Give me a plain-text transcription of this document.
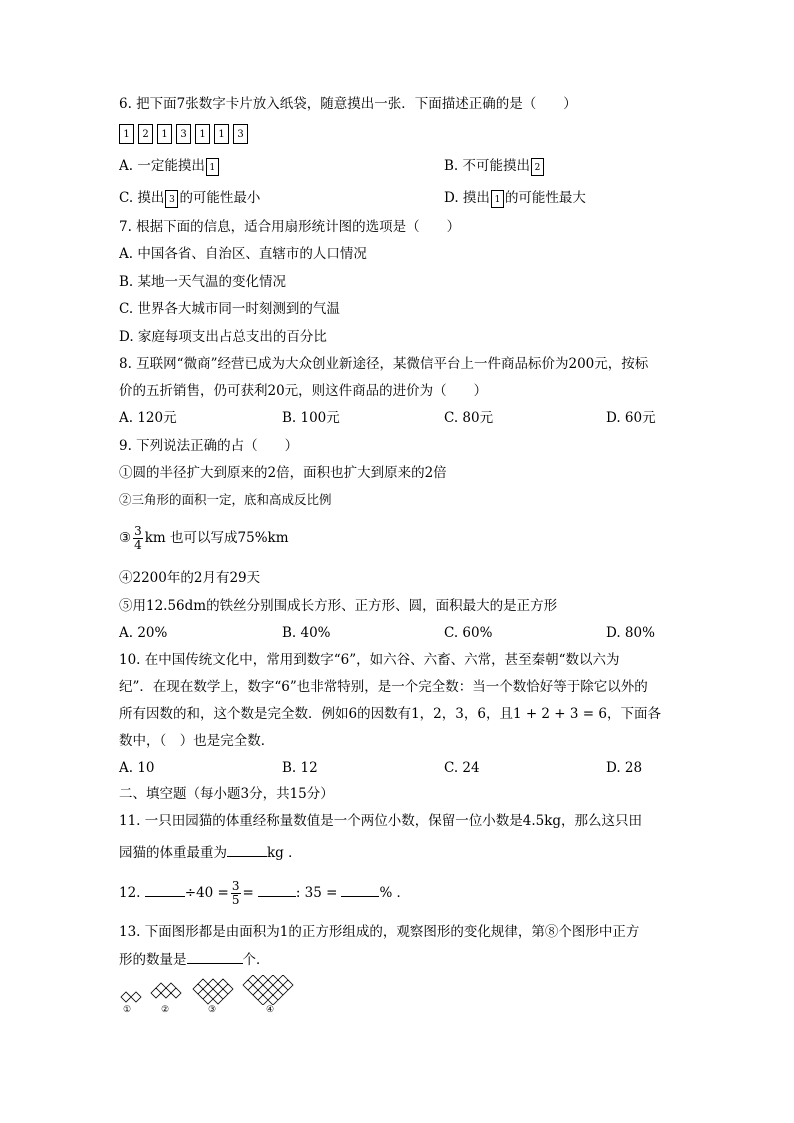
6. 把下面7张数字卡片放入纸袋，随意摸出一张．下面描述正确的是（　　）
1	2	1	3	1	1	3
A. 一定能摸出 1	B. 不可能摸出 2
C. 摸出 3 的可能性最小	D. 摸出 1 的可能性最大
7. 根据下面的信息，适合用扇形统计图的选项是（　　）
A. 中国各省、自治区、直辖市的人口情况
B. 某地一天气温的变化情况
C. 世界各大城市同一时刻测到的气温
D. 家庭每项支出占总支出的百分比
8. 互联网“微商”经营已成为大众创业新途径，某微信平台上一件商品标价为200元，按标
价的五折销售，仍可获利20元，则这件商品的进价为（　　）
A. 120元	B. 100元	C. 80元	D. 60元
9. 下列说法正确的占（　　）
①圆的半径扩大到原来的2倍，面积也扩大到原来的2倍
②三角形的面积一定，底和高成反比例
③ $\frac{3}{4}$ km 也可以写成75%km
④2200年的2月有29天
⑤用12.56dm的铁丝分别围成长方形、正方形、圆，面积最大的是正方形
A. 20%	B. 40%	C. 60%	D. 80%
10. 在中国传统文化中，常用到数字“6”，如六谷、六畜、六常，甚至秦朝“数以六为
纪”．在现在数学上，数字“6”也非常特别，是一个完全数：当一个数恰好等于除它以外的
所有因数的和，这个数是完全数．例如6的因数有1，2，3，6，且1 + 2 + 3 = 6，下面各
数中，（　）也是完全数．
A. 10	B. 12	C. 24	D. 28
二、填空题（每小题3分，共15分）
11. 一只田园猫的体重经称量数值是一个两位小数，保留一位小数是4.5kg，那么这只田
园猫的体重最重为	kg ．
12.	$\div 40 = \frac{3}{5}$ =	: 35 =	% ．
13. 下面图形都是由面积为1的正方形组成的，观察图形的变化规律，第⑧个图形中正方
形的数量是	个．
①	②	③	④
